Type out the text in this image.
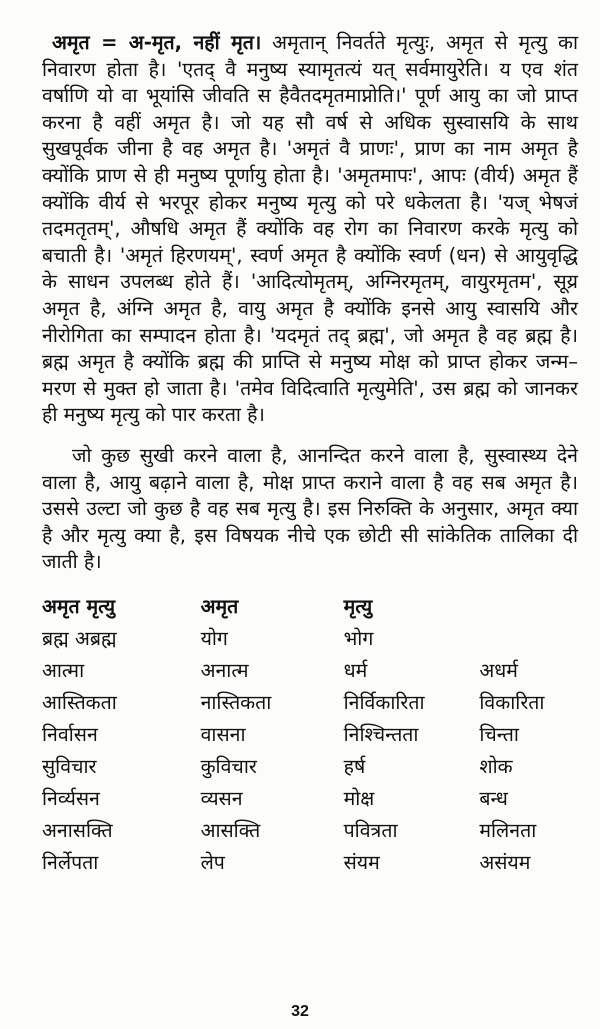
अमृत = अ-मृत, नहीं मृत। अमृतान् निवर्तते मृत्युः, अमृत से मृत्यु का निवारण होता है। 'एतद् वै मनुष्य स्यामृतत्यं यत् सर्वमायुरेति। य एव शंत वर्षाणि यो वा भूयांसि जीवति स हैवैतदमृतमाप्नोति।' पूर्ण आयु का जो प्राप्त करना है वहीं अमृत है। जो यह सौ वर्ष से अधिक सुस्वासयि के साथ सुखपूर्वक जीना है वह अमृत है। 'अमृतं वै प्राणः', प्राण का नाम अमृत है क्योंकि प्राण से ही मनुष्य पूर्णायु होता है। 'अमृतमापः', आपः (वीर्य) अमृत हैं क्योंकि वीर्य से भरपूर होकर मनुष्य मृत्यु को परे धकेलता है। 'यज् भेषजं तदमतृतम्', औषधि अमृत हैं क्योंकि वह रोग का निवारण करके मृत्यु को बचाती है। 'अमृतं हिरणयम्', स्वर्ण अमृत है क्योंकि स्वर्ण (धन) से आयुवृद्धि के साधन उपलब्ध होते हैं। 'आदित्योमृतम्, अग्निरमृतम्, वायुरमृतम', सूय्र अमृत है, अंग्नि अमृत है, वायु अमृत है क्योंकि इनसे आयु स्वासयि और नीरोगिता का सम्पादन होता है। 'यदमृतं तद् ब्रह्म', जो अमृत है वह ब्रह्म है। ब्रह्म अमृत है क्योंकि ब्रह्म की प्राप्ति से मनुष्य मोक्ष को प्राप्त होकर जन्म–मरण से मुक्त हो जाता है। 'तमेव विदित्वाति मृत्युमेति', उस ब्रह्म को जानकर ही मनुष्य मृत्यु को पार करता है।

जो कुछ सुखी करने वाला है, आनन्दित करने वाला है, सुस्वास्थ्य देने वाला है, आयु बढ़ाने वाला है, मोक्ष प्राप्त कराने वाला है वह सब अमृत है। उससे उल्टा जो कुछ है वह सब मृत्यु है। इस निरुक्ति के अनुसार, अमृत क्या है और मृत्यु क्या है, इस विषयक नीचे एक छोटी सी सांकेतिक तालिका दी जाती है।

अमृत मृत्यु	अमृत	मृत्यु	
ब्रह्म अब्रह्म	योग	भोग	
आत्मा	अनात्म	धर्म	अधर्म
आस्तिकता	नास्तिकता	निर्विकारिता	विकारिता
निर्वासन	वासना	निश्चिन्तता	चिन्ता
सुविचार	कुविचार	हर्ष	शोक
निर्व्यसन	व्यसन	मोक्ष	बन्ध
अनासक्ति	आसक्ति	पवित्रता	मलिनता
निर्लेपता	लेप	संयम	असंयम
32
